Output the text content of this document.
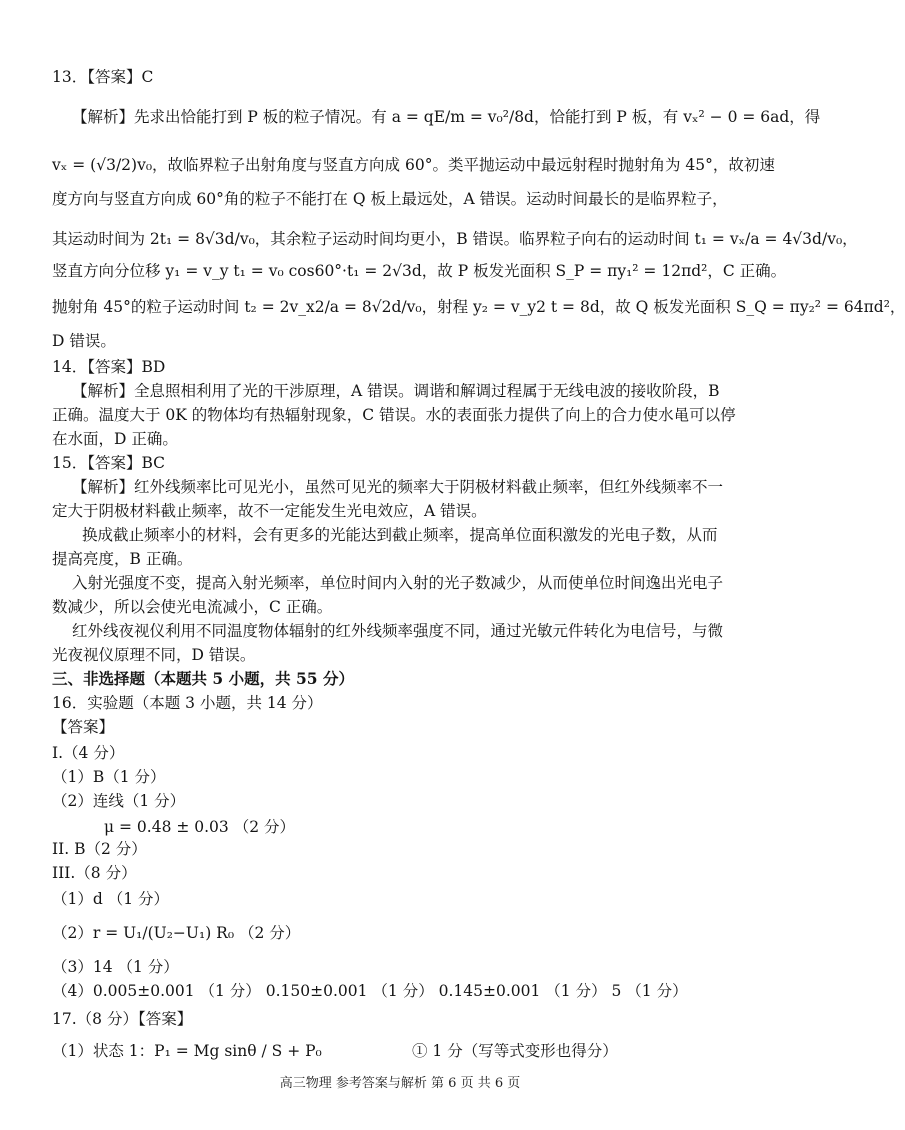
13．【答案】C
【解析】先求出恰能打到 P 板的粒子情况。有 a = qE/m = v₀²/8d，恰能打到 P 板，有 vₓ² − 0 = 6ad，得
vₓ = (√3/2)v₀，故临界粒子出射角度与竖直方向成 60°。类平抛运动中最远射程时抛射角为 45°，故初速
度方向与竖直方向成 60°角的粒子不能打在 Q 板上最远处，A 错误。运动时间最长的是临界粒子，
其运动时间为 2t₁ = 8√3d/v₀，其余粒子运动时间均更小，B 错误。临界粒子向右的运动时间 t₁ = vₓ/a = 4√3d/v₀，
竖直方向分位移 y₁ = v_y t₁ = v₀ cos60°·t₁ = 2√3d，故 P 板发光面积 S_P = πy₁² = 12πd²，C 正确。
抛射角 45°的粒子运动时间 t₂ = 2v_x2/a = 8√2d/v₀，射程 y₂ = v_y2 t = 8d，故 Q 板发光面积 S_Q = πy₂² = 64πd²，
D 错误。
14．【答案】BD
【解析】全息照相利用了光的干涉原理，A 错误。调谐和解调过程属于无线电波的接收阶段，B
正确。温度大于 0K 的物体均有热辐射现象，C 错误。水的表面张力提供了向上的合力使水黾可以停
在水面，D 正确。
15．【答案】BC
【解析】红外线频率比可见光小，虽然可见光的频率大于阴极材料截止频率，但红外线频率不一
定大于阴极材料截止频率，故不一定能发生光电效应，A 错误。
换成截止频率小的材料，会有更多的光能达到截止频率，提高单位面积激发的光电子数，从而
提高亮度，B 正确。
入射光强度不变，提高入射光频率，单位时间内入射的光子数减少，从而使单位时间逸出光电子
数减少，所以会使光电流减小，C 正确。
红外线夜视仪利用不同温度物体辐射的红外线频率强度不同，通过光敏元件转化为电信号，与微
光夜视仪原理不同，D 错误。
三、非选择题（本题共 5 小题，共 55 分）
16．实验题（本题 3 小题，共 14 分）
【答案】
I.（4 分）
（1）B（1 分）
（2）连线（1 分）
μ = 0.48 ± 0.03 （2 分）
II. B（2 分）
III.（8 分）
（1）d （1 分）
（2）r = U₁/(U₂−U₁) R₀ （2 分）
（3）14 （1 分）
（4）0.005±0.001 （1 分） 0.150±0.001 （1 分） 0.145±0.001 （1 分） 5 （1 分）
17.（8 分）【答案】
（1）状态 1：P₁ = Mg sinθ / S + P₀	① 1 分（写等式变形也得分）
高三物理 参考答案与解析 第 6 页 共 6 页
